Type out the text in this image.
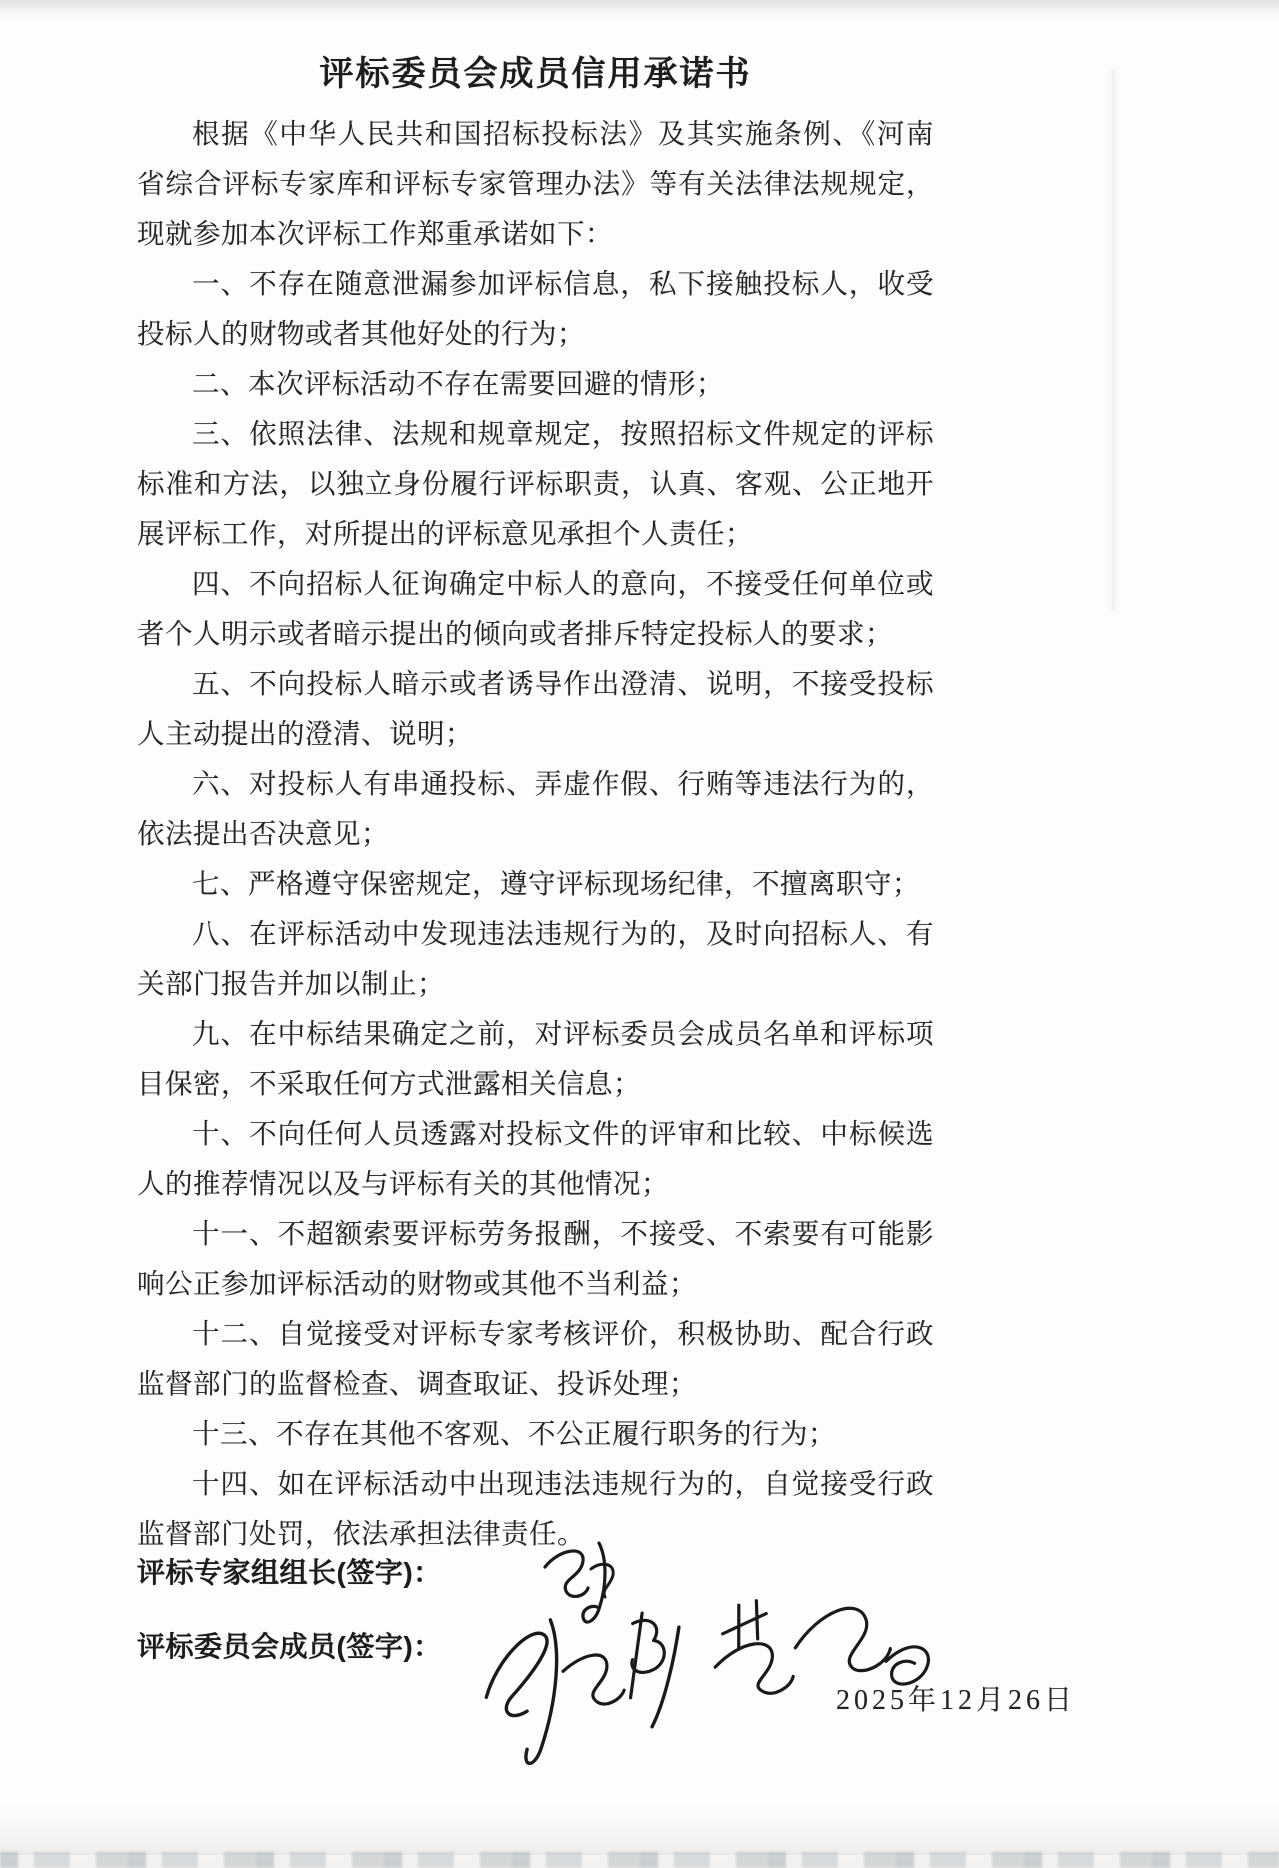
评标委员会成员信用承诺书

根据《中华人民共和国招标投标法》及其实施条例、《河南省综合评标专家库和评标专家管理办法》等有关法律法规规定，现就参加本次评标工作郑重承诺如下：

一、不存在随意泄漏参加评标信息，私下接触投标人，收受投标人的财物或者其他好处的行为；

二、本次评标活动不存在需要回避的情形；

三、依照法律、法规和规章规定，按照招标文件规定的评标标准和方法，以独立身份履行评标职责，认真、客观、公正地开展评标工作，对所提出的评标意见承担个人责任；

四、不向招标人征询确定中标人的意向，不接受任何单位或者个人明示或者暗示提出的倾向或者排斥特定投标人的要求；

五、不向投标人暗示或者诱导作出澄清、说明，不接受投标人主动提出的澄清、说明；

六、对投标人有串通投标、弄虚作假、行贿等违法行为的，依法提出否决意见；

七、严格遵守保密规定，遵守评标现场纪律，不擅离职守；

八、在评标活动中发现违法违规行为的，及时向招标人、有关部门报告并加以制止；

九、在中标结果确定之前，对评标委员会成员名单和评标项目保密，不采取任何方式泄露相关信息；

十、不向任何人员透露对投标文件的评审和比较、中标候选人的推荐情况以及与评标有关的其他情况；

十一、不超额索要评标劳务报酬，不接受、不索要有可能影响公正参加评标活动的财物或其他不当利益；

十二、自觉接受对评标专家考核评价，积极协助、配合行政监督部门的监督检查、调查取证、投诉处理；

十三、不存在其他不客观、不公正履行职务的行为；

十四、如在评标活动中出现违法违规行为的，自觉接受行政监督部门处罚，依法承担法律责任。

评标专家组组长(签字)：
评标委员会成员(签字)：
2025年12月26日
